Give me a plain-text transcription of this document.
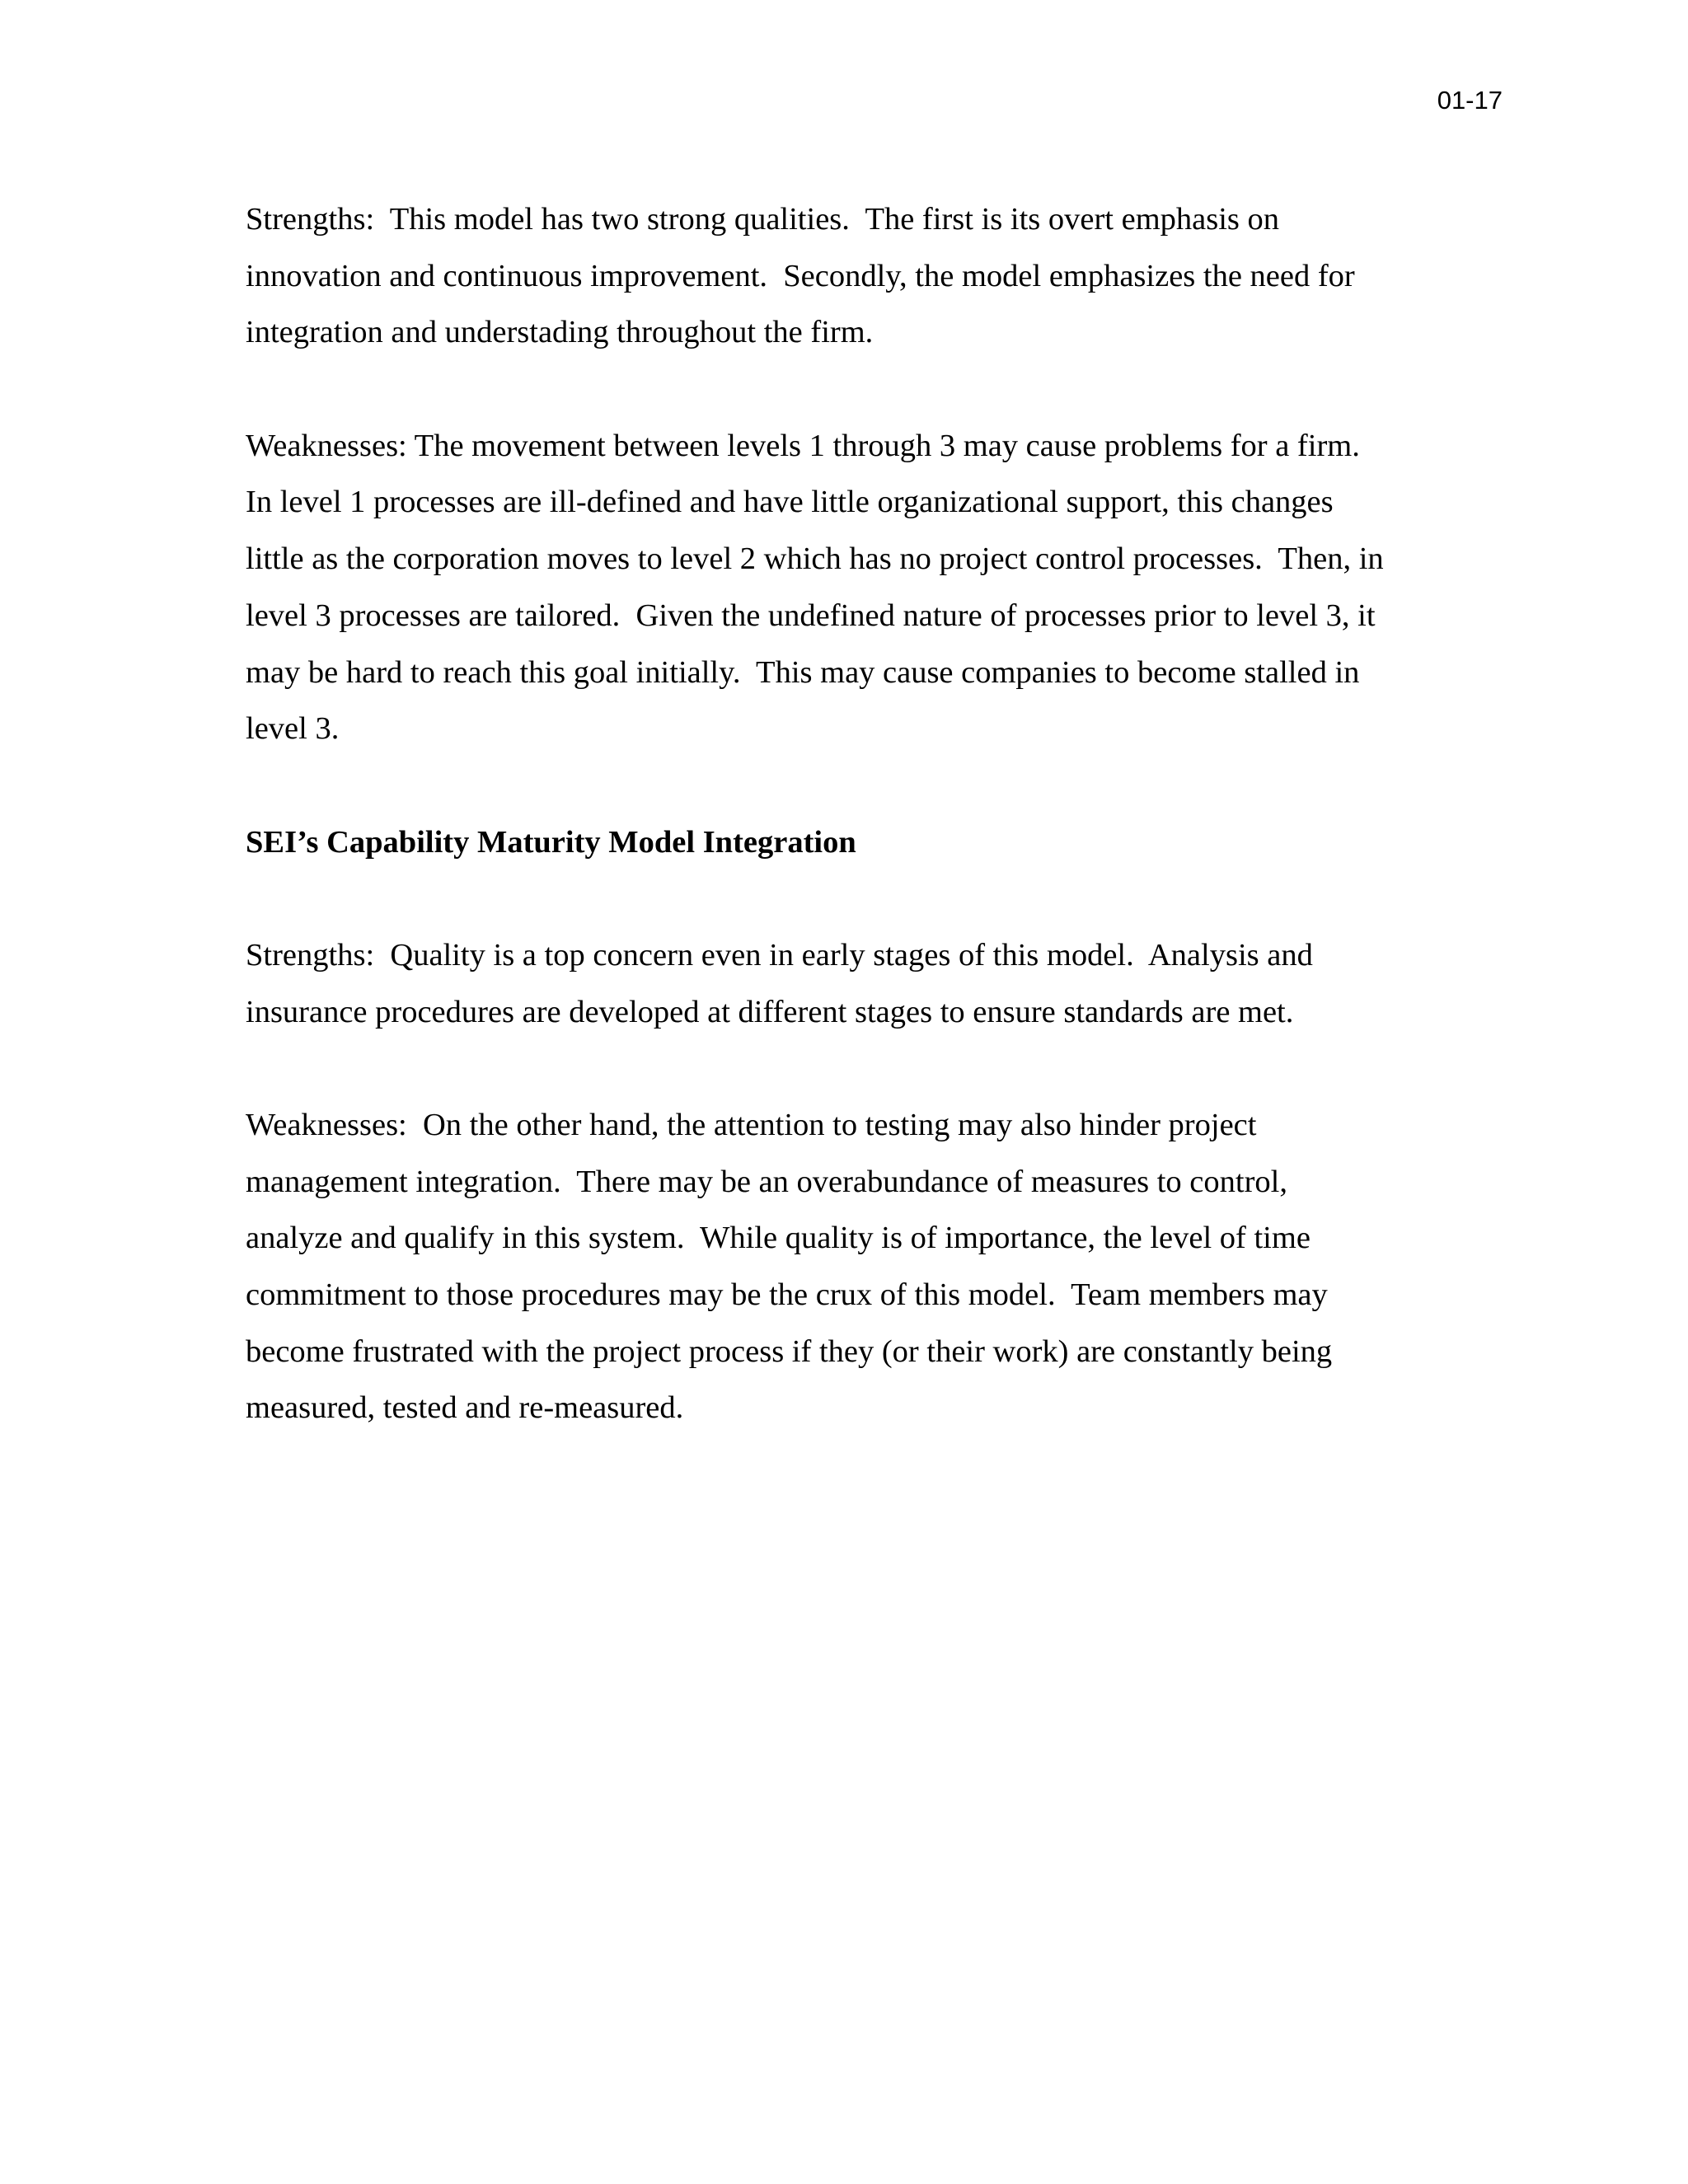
01-17
Strengths:  This model has two strong qualities.  The first is its overt emphasis on
innovation and continuous improvement.  Secondly, the model emphasizes the need for
integration and understading throughout the firm.
Weaknesses: The movement between levels 1 through 3 may cause problems for a firm.
In level 1 processes are ill-defined and have little organizational support, this changes
little as the corporation moves to level 2 which has no project control processes.  Then, in
level 3 processes are tailored.  Given the undefined nature of processes prior to level 3, it
may be hard to reach this goal initially.  This may cause companies to become stalled in
level 3.
SEI’s Capability Maturity Model Integration
Strengths:  Quality is a top concern even in early stages of this model.  Analysis and
insurance procedures are developed at different stages to ensure standards are met.
Weaknesses:  On the other hand, the attention to testing may also hinder project
management integration.  There may be an overabundance of measures to control,
analyze and qualify in this system.  While quality is of importance, the level of time
commitment to those procedures may be the crux of this model.  Team members may
become frustrated with the project process if they (or their work) are constantly being
measured, tested and re-measured.
